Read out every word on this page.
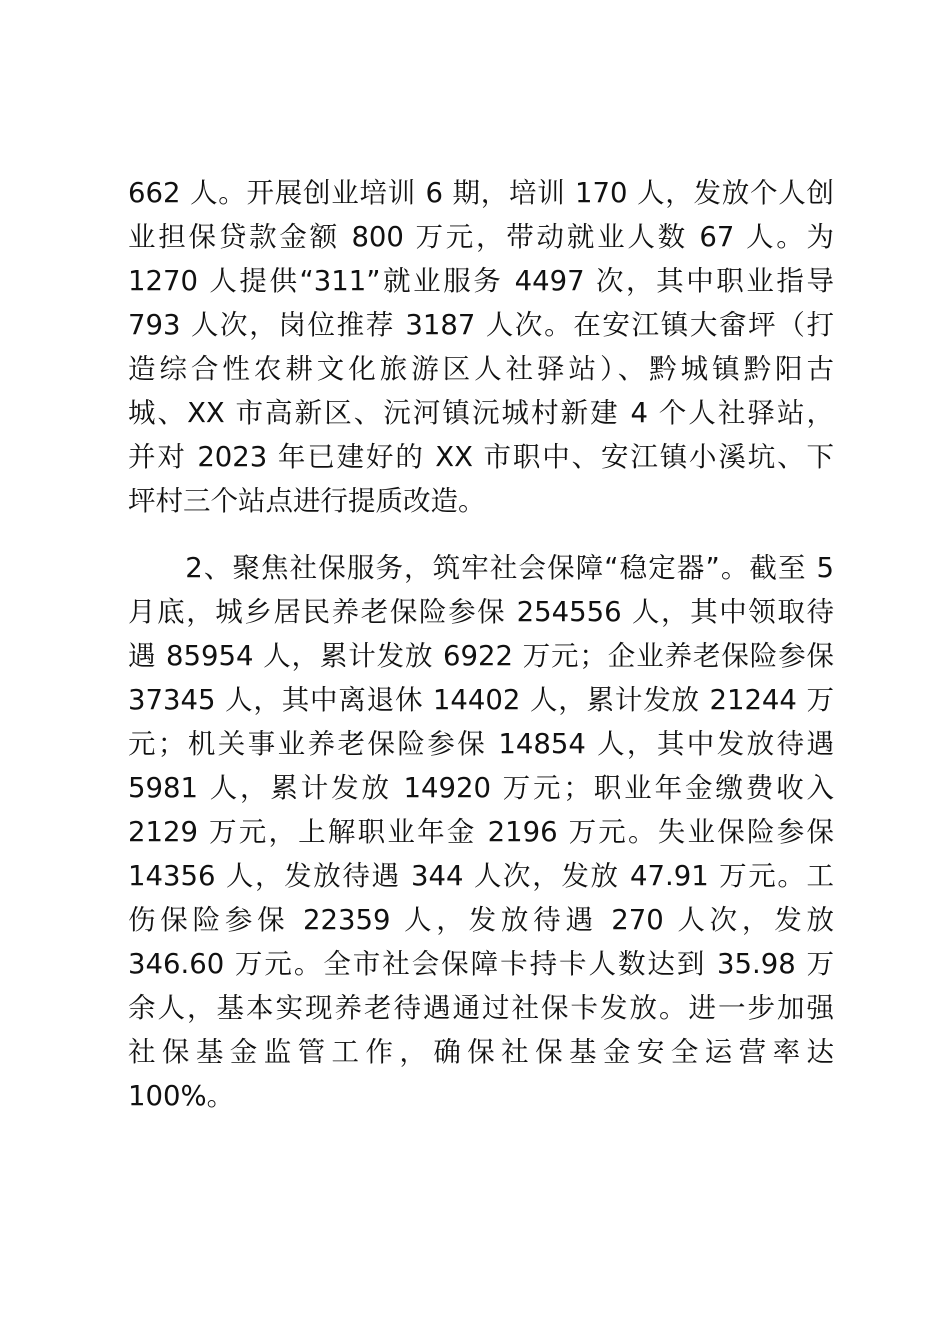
662 人。开展创业培训 6 期，培训 170 人，发放个人创
业担保贷款金额 800 万元，带动就业人数 67 人。为
1270 人提供“311”就业服务 4497 次，其中职业指导
793 人次，岗位推荐 3187 人次。在安江镇大畲坪（打
造综合性农耕文化旅游区人社驿站）、黔城镇黔阳古
城、XX 市高新区、沅河镇沅城村新建 4 个人社驿站，
并对 2023 年已建好的 XX 市职中、安江镇小溪坑、下
坪村三个站点进行提质改造。
　　2、聚焦社保服务，筑牢社会保障“稳定器”。截至 5
月底，城乡居民养老保险参保 254556 人，其中领取待
遇 85954 人，累计发放 6922 万元；企业养老保险参保
37345 人，其中离退休 14402 人，累计发放 21244 万
元；机关事业养老保险参保 14854 人，其中发放待遇
5981 人，累计发放 14920 万元；职业年金缴费收入
2129 万元，上解职业年金 2196 万元。失业保险参保
14356 人，发放待遇 344 人次，发放 47.91 万元。工
伤保险参保 22359 人，发放待遇 270 人次，发放
346.60 万元。全市社会保障卡持卡人数达到 35.98 万
余人，基本实现养老待遇通过社保卡发放。进一步加强
社保基金监管工作，确保社保基金安全运营率达
100%。
